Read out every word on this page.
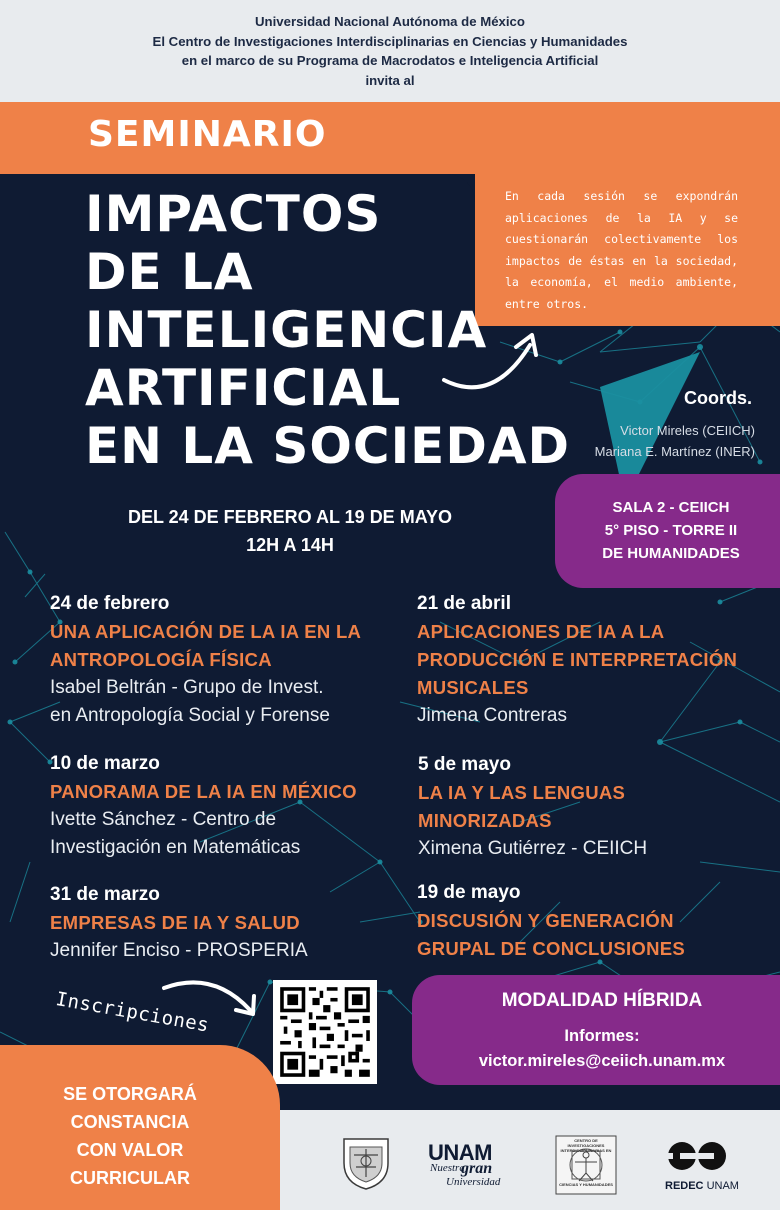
Universidad Nacional Autónoma de México
El Centro de Investigaciones Interdisciplinarias en Ciencias y Humanidades
en el marco de su Programa de Macrodatos e Inteligencia Artificial
invita al
SEMINARIO
En cada sesión se expondrán aplicaciones de la IA y se cuestionarán colectivamente los impactos de éstas en la sociedad, la economía, el medio ambiente, entre otros.
IMPACTOS
DE LA
INTELIGENCIA
ARTIFICIAL
EN LA SOCIEDAD
Coords.
Victor Mireles (CEIICH)
Mariana E. Martínez (INER)
DEL 24 DE FEBRERO AL 19 DE MAYO
12H A 14H
SALA 2 - CEIICH
5° PISO - TORRE II
DE HUMANIDADES
24 de febrero
UNA APLICACIÓN DE LA IA EN LA
ANTROPOLOGÍA FÍSICA
Isabel Beltrán - Grupo de Invest.
en Antropología Social y Forense
10 de marzo
PANORAMA DE LA IA EN MÉXICO
Ivette Sánchez - Centro de
Investigación en Matemáticas
31 de marzo
EMPRESAS DE IA Y SALUD
Jennifer Enciso - PROSPERIA
21 de abril
APLICACIONES DE IA A LA
PRODUCCIÓN E INTERPRETACIÓN
MUSICALES
Jimena Contreras
5 de mayo
LA IA Y LAS LENGUAS
MINORIZADAS
Ximena Gutiérrez - CEIICH
19 de mayo
DISCUSIÓN Y GENERACIÓN
GRUPAL DE CONCLUSIONES
Inscripciones	MODALIDAD HÍBRIDA
Informes:
victor.mireles@ceiich.unam.mx
SE OTORGARÁ
CONSTANCIA
CON VALOR
CURRICULAR
UNAM
Nuestra
gran
Universidad
CENTRO DE INVESTIGACIONES INTERDISCIPLINARIAS EN
CIENCIAS Y HUMANIDADES	REDEC UNAM
